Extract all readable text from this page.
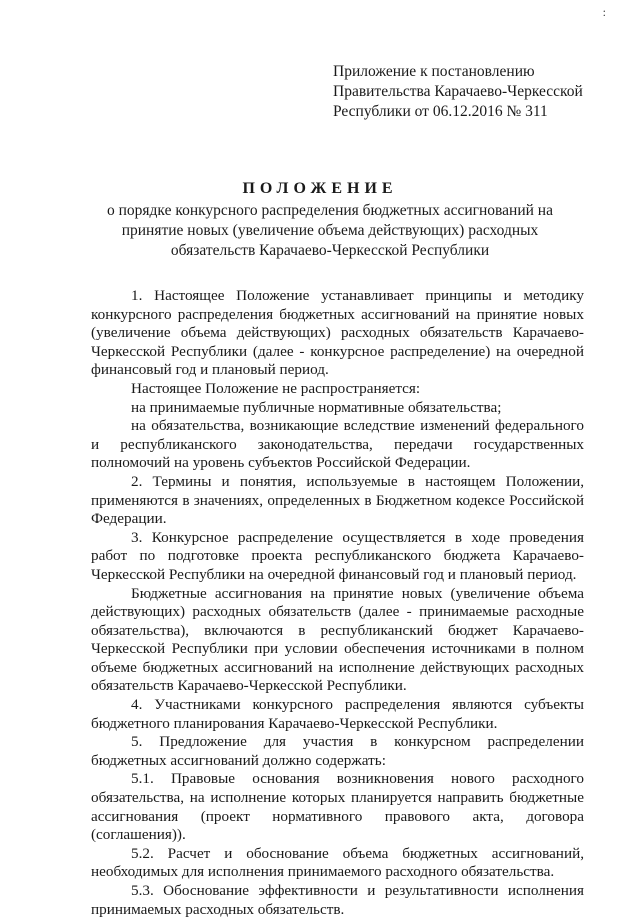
:
Приложение к постановлению
Правительства Карачаево-Черкесской
Республики от 06.12.2016 № 311
ПОЛОЖЕНИЕ
о порядке конкурсного распределения бюджетных ассигнований на
принятие новых (увеличение объема действующих) расходных
обязательств Карачаево-Черкесской Республики

1. Настоящее Положение устанавливает принципы и методику конкурсного распределения бюджетных ассигнований на принятие новых (увеличение объема действующих) расходных обязательств Карачаево-Черкесской Республики (далее - конкурсное распределение) на очередной финансовый год и плановый период.

Настоящее Положение не распространяется:

на принимаемые публичные нормативные обязательства;

на обязательства, возникающие вследствие изменений федерального и республиканского законодательства, передачи государственных полномочий на уровень субъектов Российской Федерации.

2. Термины и понятия, используемые в настоящем Положении, применяются в значениях, определенных в Бюджетном кодексе Российской Федерации.

3. Конкурсное распределение осуществляется в ходе проведения работ по подготовке проекта республиканского бюджета Карачаево-Черкесской Республики на очередной финансовый год и плановый период.

Бюджетные ассигнования на принятие новых (увеличение объема действующих) расходных обязательств (далее - принимаемые расходные обязательства), включаются в республиканский бюджет Карачаево-Черкесской Республики при условии обеспечения источниками в полном объеме бюджетных ассигнований на исполнение действующих расходных обязательств Карачаево-Черкесской Республики.

4. Участниками конкурсного распределения являются субъекты бюджетного планирования Карачаево-Черкесской Республики.

5. Предложение для участия в конкурсном распределении бюджетных ассигнований должно содержать:

5.1. Правовые основания возникновения нового расходного обязательства, на исполнение которых планируется направить бюджетные ассигнования (проект нормативного правового акта, договора (соглашения)).

5.2. Расчет и обоснование объема бюджетных ассигнований, необходимых для исполнения принимаемого расходного обязательства.

5.3. Обоснование эффективности и результативности исполнения принимаемых расходных обязательств.
